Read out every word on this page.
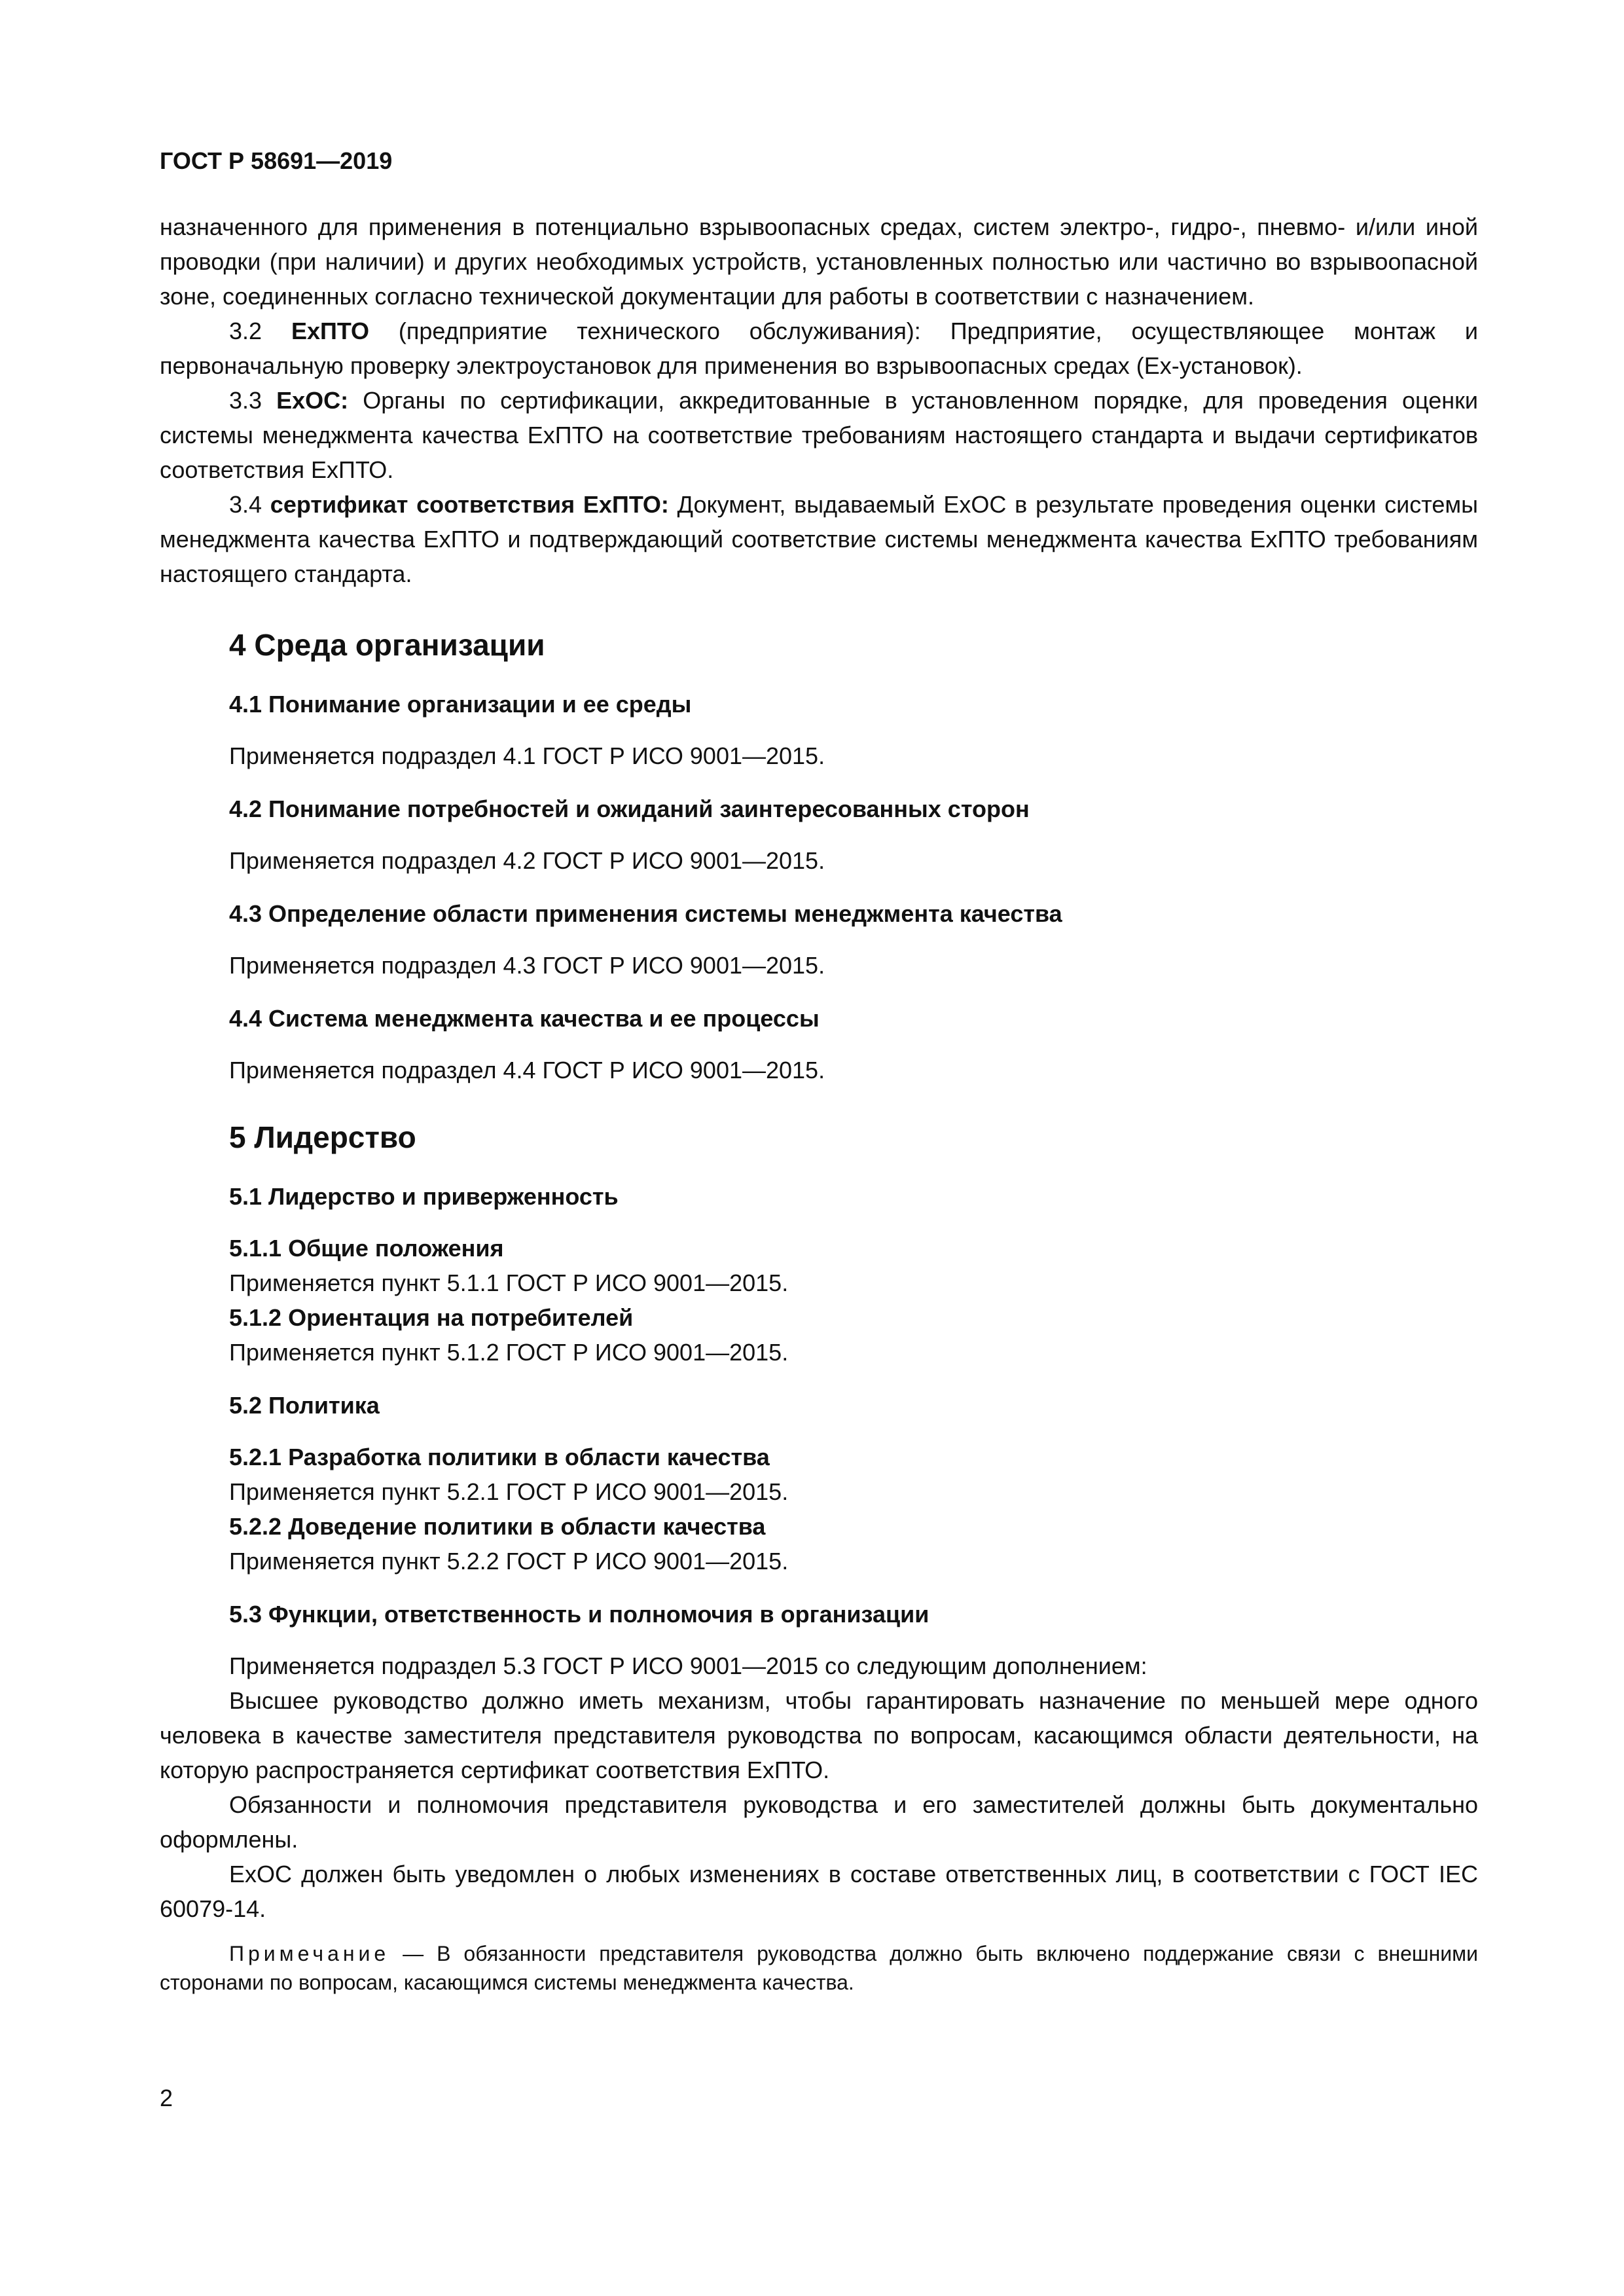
ГОСТ Р 58691—2019

назначенного для применения в потенциально взрывоопасных средах, систем электро-, гидро-, пневмо- и/или иной проводки (при наличии) и других необходимых устройств, установленных полностью или частично во взрывоопасной зоне, соединенных согласно технической документации для работы в соответствии с назначением.

3.2 ExПТО (предприятие технического обслуживания): Предприятие, осуществляющее монтаж и первоначальную проверку электроустановок для применения во взрывоопасных средах (Ex-установок).

3.3 ExОС: Органы по сертификации, аккредитованные в установленном порядке, для проведения оценки системы менеджмента качества ExПТО на соответствие требованиям настоящего стандарта и выдачи сертификатов соответствия ExПТО.

3.4 сертификат соответствия ExПТО: Документ, выдаваемый ExОС в результате проведения оценки системы менеджмента качества ExПТО и подтверждающий соответствие системы менеджмента качества ExПТО требованиям настоящего стандарта.

4 Среда организации
4.1 Понимание организации и ее среды
Применяется подраздел 4.1 ГОСТ Р ИСО 9001—2015.
4.2 Понимание потребностей и ожиданий заинтересованных сторон
Применяется подраздел 4.2 ГОСТ Р ИСО 9001—2015.
4.3 Определение области применения системы менеджмента качества
Применяется подраздел 4.3 ГОСТ Р ИСО 9001—2015.
4.4 Система менеджмента качества и ее процессы
Применяется подраздел 4.4 ГОСТ Р ИСО 9001—2015.
5 Лидерство
5.1 Лидерство и приверженность
5.1.1 Общие положения
Применяется пункт 5.1.1 ГОСТ Р ИСО 9001—2015.
5.1.2 Ориентация на потребителей
Применяется пункт 5.1.2 ГОСТ Р ИСО 9001—2015.
5.2 Политика
5.2.1 Разработка политики в области качества
Применяется пункт 5.2.1 ГОСТ Р ИСО 9001—2015.
5.2.2 Доведение политики в области качества
Применяется пункт 5.2.2 ГОСТ Р ИСО 9001—2015.
5.3 Функции, ответственность и полномочия в организации

Применяется подраздел 5.3 ГОСТ Р ИСО 9001—2015 со следующим дополнением:

Высшее руководство должно иметь механизм, чтобы гарантировать назначение по меньшей мере одного человека в качестве заместителя представителя руководства по вопросам, касающимся области деятельности, на которую распространяется сертификат соответствия ExПТО.

Обязанности и полномочия представителя руководства и его заместителей должны быть документально оформлены.

ExОС должен быть уведомлен о любых изменениях в составе ответственных лиц, в соответствии с ГОСТ IEC 60079-14.

Примечание — В обязанности представителя руководства должно быть включено поддержание связи с внешними сторонами по вопросам, касающимся системы менеджмента качества.

2
